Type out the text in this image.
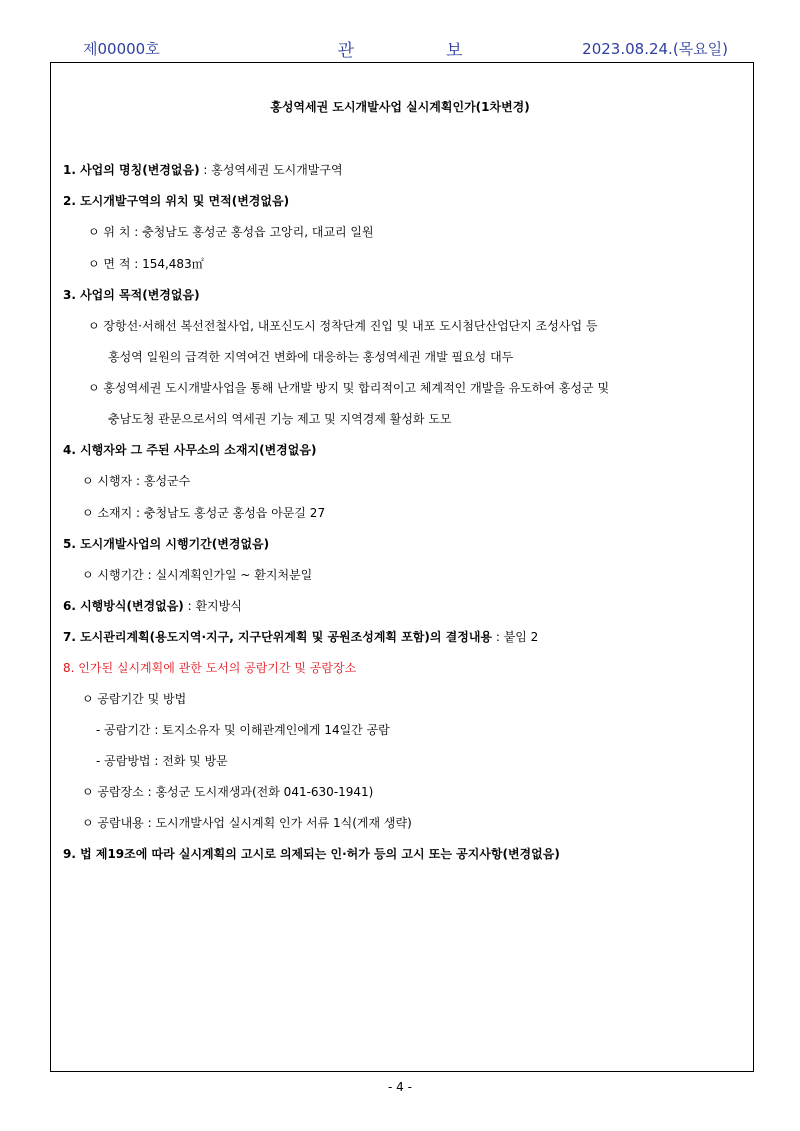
제00000호	관보	2023.08.24.(목요일)
홍성역세권 도시개발사업 실시계획인가(1차변경)
1. 사업의 명칭(변경없음) : 홍성역세권 도시개발구역
2. 도시개발구역의 위치 및 면적(변경없음)
ㅇ 위 치 : 충청남도 홍성군 홍성읍 고앙리, 대교리 일원
ㅇ 면 적 : 154,483㎡
3. 사업의 목적(변경없음)
ㅇ 장항선·서해선 복선전철사업, 내포신도시 정착단계 진입 및 내포 도시첨단산업단지 조성사업 등
홍성역 일원의 급격한 지역여건 변화에 대응하는 홍성역세권 개발 필요성 대두
ㅇ 홍성역세권 도시개발사업을 통해 난개발 방지 및 합리적이고 체계적인 개발을 유도하여 홍성군 및
충남도청 관문으로서의 역세권 기능 제고 및 지역경제 활성화 도모
4. 시행자와 그 주된 사무소의 소재지(변경없음)
ㅇ 시행자 : 홍성군수
ㅇ 소재지 : 충청남도 홍성군 홍성읍 아문길 27
5. 도시개발사업의 시행기간(변경없음)
ㅇ 시행기간 : 실시계획인가일 ~ 환지처분일
6. 시행방식(변경없음) : 환지방식
7. 도시관리계획(용도지역·지구, 지구단위계획 및 공원조성계획 포함)의 결정내용 : 붙임 2
8. 인가된 실시계획에 관한 도서의 공람기간 및 공람장소
ㅇ 공람기간 및 방법
- 공람기간 : 토지소유자 및 이해관계인에게 14일간 공람
- 공람방법 : 전화 및 방문
ㅇ 공람장소 : 홍성군 도시재생과(전화 041-630-1941)
ㅇ 공람내용 : 도시개발사업 실시계획 인가 서류 1식(게재 생략)
9. 법 제19조에 따라 실시계획의 고시로 의제되는 인·허가 등의 고시 또는 공지사항(변경없음)
- 4 -
